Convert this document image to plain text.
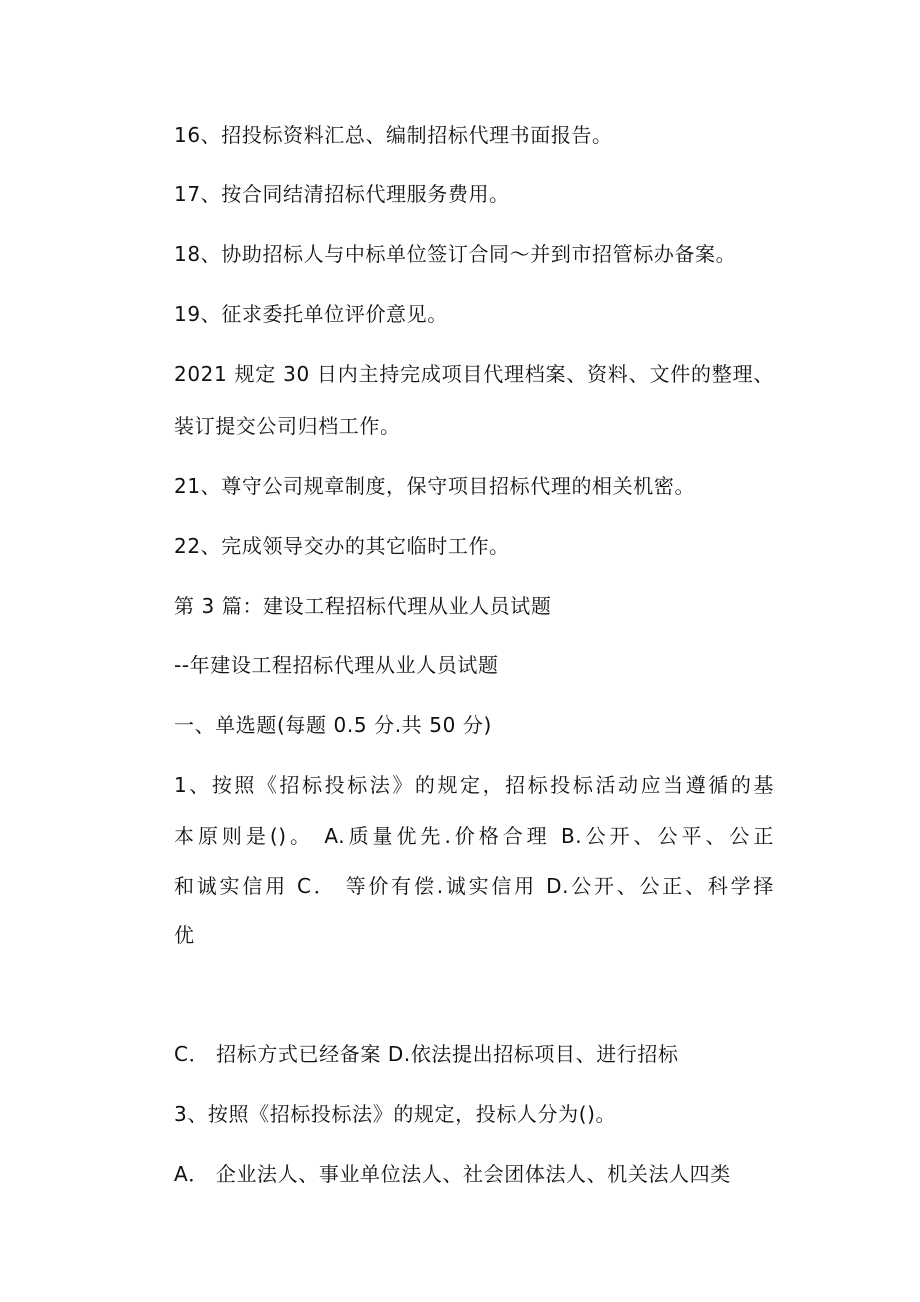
16、招投标资料汇总、编制招标代理书面报告。
17、按合同结清招标代理服务费用。
18、协助招标人与中标单位签订合同～并到市招管标办备案。
19、征求委托单位评价意见。
2021 规定 30 日内主持完成项目代理档案、资料、文件的整理、
装订提交公司归档工作。
21、尊守公司规章制度，保守项目招标代理的相关机密。
22、完成领导交办的其它临时工作。
第 3 篇：建设工程招标代理从业人员试题
--年建设工程招标代理从业人员试题
一、单选题(每题 0.5 分.共 50 分)
1、按照《招标投标法》的规定，招标投标活动应当遵循的基
本原则是()。 A.质量优先.价格合理 B.公开、公平、公正
和诚实信用 C． 等价有偿.诚实信用 D.公开、公正、科学择
优
C． 招标方式已经备案 D.依法提出招标项目、进行招标
3、按照《招标投标法》的规定，投标人分为()。
A． 企业法人、事业单位法人、社会团体法人、机关法人四类
